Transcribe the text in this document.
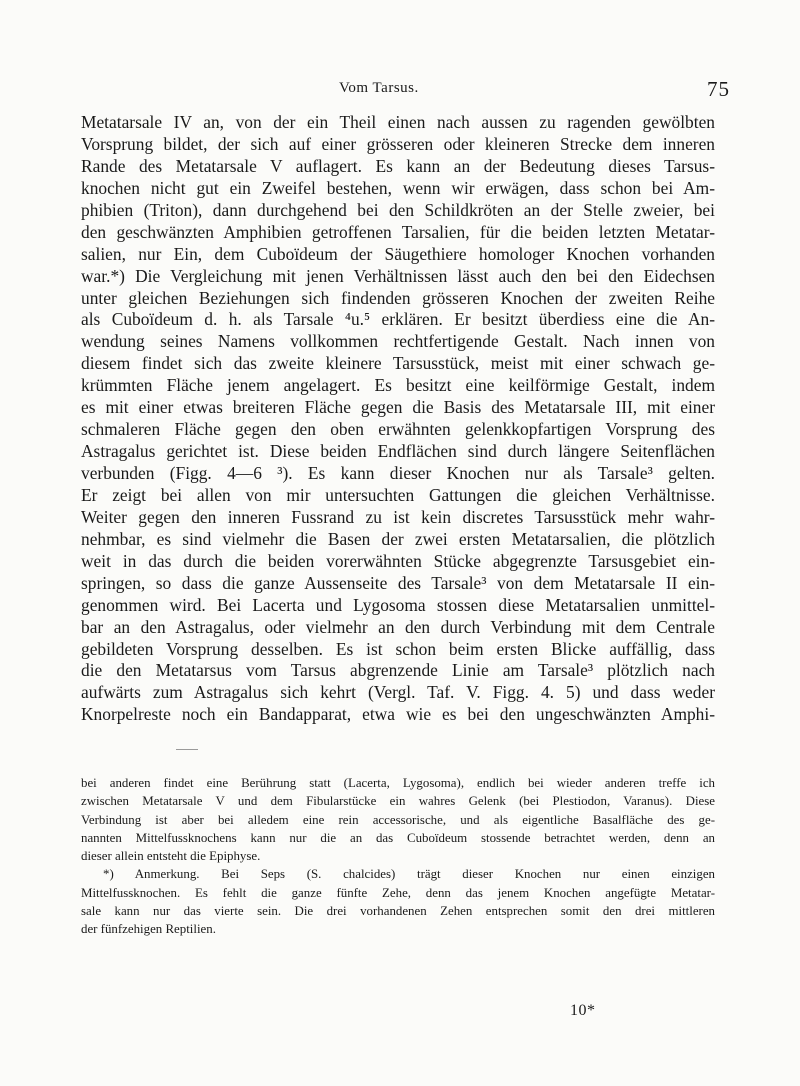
Vom Tarsus.	75
Metatarsale IV an, von der ein Theil einen nach aussen zu ragenden gewölbten
Vorsprung bildet, der sich auf einer grösseren oder kleineren Strecke dem inneren
Rande des Metatarsale V auflagert. Es kann an der Bedeutung dieses Tarsus-
knochen nicht gut ein Zweifel bestehen, wenn wir erwägen, dass schon bei Am-
phibien (Triton), dann durchgehend bei den Schildkröten an der Stelle zweier, bei
den geschwänzten Amphibien getroffenen Tarsalien, für die beiden letzten Metatar-
salien, nur Ein, dem Cuboïdeum der Säugethiere homologer Knochen vorhanden
war.*) Die Vergleichung mit jenen Verhältnissen lässt auch den bei den Eidechsen
unter gleichen Beziehungen sich findenden grösseren Knochen der zweiten Reihe
als Cuboïdeum d. h. als Tarsale ⁴u.⁵ erklären. Er besitzt überdiess eine die An-
wendung seines Namens vollkommen rechtfertigende Gestalt. Nach innen von
diesem findet sich das zweite kleinere Tarsusstück, meist mit einer schwach ge-
krümmten Fläche jenem angelagert. Es besitzt eine keilförmige Gestalt, indem
es mit einer etwas breiteren Fläche gegen die Basis des Metatarsale III, mit einer
schmaleren Fläche gegen den oben erwähnten gelenkkopfartigen Vorsprung des
Astragalus gerichtet ist. Diese beiden Endflächen sind durch längere Seitenflächen
verbunden (Figg. 4—6 ³). Es kann dieser Knochen nur als Tarsale³ gelten.
Er zeigt bei allen von mir untersuchten Gattungen die gleichen Verhältnisse.
Weiter gegen den inneren Fussrand zu ist kein discretes Tarsusstück mehr wahr-
nehmbar, es sind vielmehr die Basen der zwei ersten Metatarsalien, die plötzlich
weit in das durch die beiden vorerwähnten Stücke abgegrenzte Tarsusgebiet ein-
springen, so dass die ganze Aussenseite des Tarsale³ von dem Metatarsale II ein-
genommen wird. Bei Lacerta und Lygosoma stossen diese Metatarsalien unmittel-
bar an den Astragalus, oder vielmehr an den durch Verbindung mit dem Centrale
gebildeten Vorsprung desselben. Es ist schon beim ersten Blicke auffällig, dass
die den Metatarsus vom Tarsus abgrenzende Linie am Tarsale³ plötzlich nach
aufwärts zum Astragalus sich kehrt (Vergl. Taf. V. Figg. 4. 5) und dass weder
Knorpelreste noch ein Bandapparat, etwa wie es bei den ungeschwänzten Amphi-
bei anderen findet eine Berührung statt (Lacerta, Lygosoma), endlich bei wieder anderen treffe ich
zwischen Metatarsale V und dem Fibularstücke ein wahres Gelenk (bei Plestiodon, Varanus). Diese
Verbindung ist aber bei alledem eine rein accessorische, und als eigentliche Basalfläche des ge-
nannten Mittelfussknochens kann nur die an das Cuboïdeum stossende betrachtet werden, denn an
dieser allein entsteht die Epiphyse.
*) Anmerkung. Bei Seps (S. chalcides) trägt dieser Knochen nur einen einzigen
Mittelfussknochen. Es fehlt die ganze fünfte Zehe, denn das jenem Knochen angefügte Metatar-
sale kann nur das vierte sein. Die drei vorhandenen Zehen entsprechen somit den drei mittleren
der fünfzehigen Reptilien.
10*
